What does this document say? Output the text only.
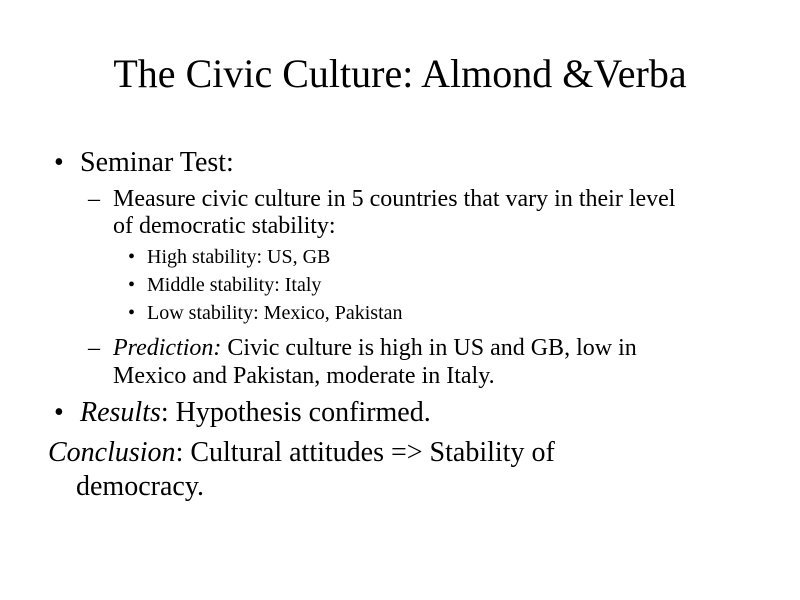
The Civic Culture: Almond &Verba
• Seminar Test:
– Measure civic culture in 5 countries that vary in their level
of democratic stability:
• High stability: US, GB
• Middle stability: Italy
• Low stability: Mexico, Pakistan
– Prediction: Civic culture is high in US and GB, low in
Mexico and Pakistan, moderate in Italy.
• Results: Hypothesis confirmed.
Conclusion: Cultural attitudes => Stability of
democracy.
